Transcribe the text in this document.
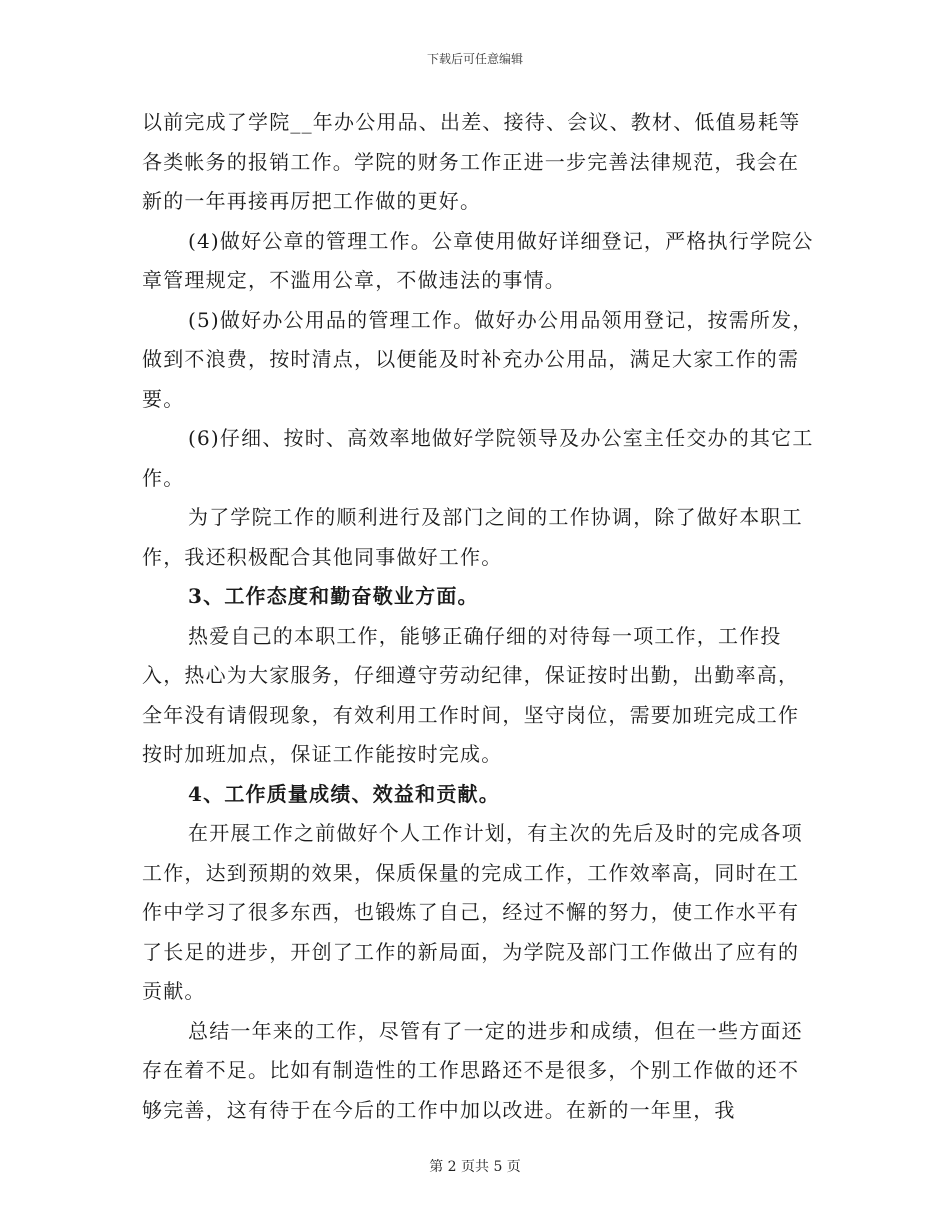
下载后可任意编辑

以前完成了学院__年办公用品、出差、接待、会议、教材、低值易耗等各类帐务的报销工作。学院的财务工作正进一步完善法律规范，我会在新的一年再接再厉把工作做的更好。

(4)做好公章的管理工作。公章使用做好详细登记，严格执行学院公章管理规定，不滥用公章，不做违法的事情。

(5)做好办公用品的管理工作。做好办公用品领用登记，按需所发，做到不浪费，按时清点，以便能及时补充办公用品，满足大家工作的需要。

(6)仔细、按时、高效率地做好学院领导及办公室主任交办的其它工作。

为了学院工作的顺利进行及部门之间的工作协调，除了做好本职工作，我还积极配合其他同事做好工作。

3、工作态度和勤奋敬业方面。

热爱自己的本职工作，能够正确仔细的对待每一项工作，工作投入，热心为大家服务，仔细遵守劳动纪律，保证按时出勤，出勤率高，全年没有请假现象，有效利用工作时间，坚守岗位，需要加班完成工作按时加班加点，保证工作能按时完成。

4、工作质量成绩、效益和贡献。

在开展工作之前做好个人工作计划，有主次的先后及时的完成各项工作，达到预期的效果，保质保量的完成工作，工作效率高，同时在工作中学习了很多东西，也锻炼了自己，经过不懈的努力，使工作水平有了长足的进步，开创了工作的新局面，为学院及部门工作做出了应有的贡献。

总结一年来的工作，尽管有了一定的进步和成绩，但在一些方面还存在着不足。比如有制造性的工作思路还不是很多，个别工作做的还不够完善，这有待于在今后的工作中加以改进。在新的一年里，我

第 2 页共 5 页
